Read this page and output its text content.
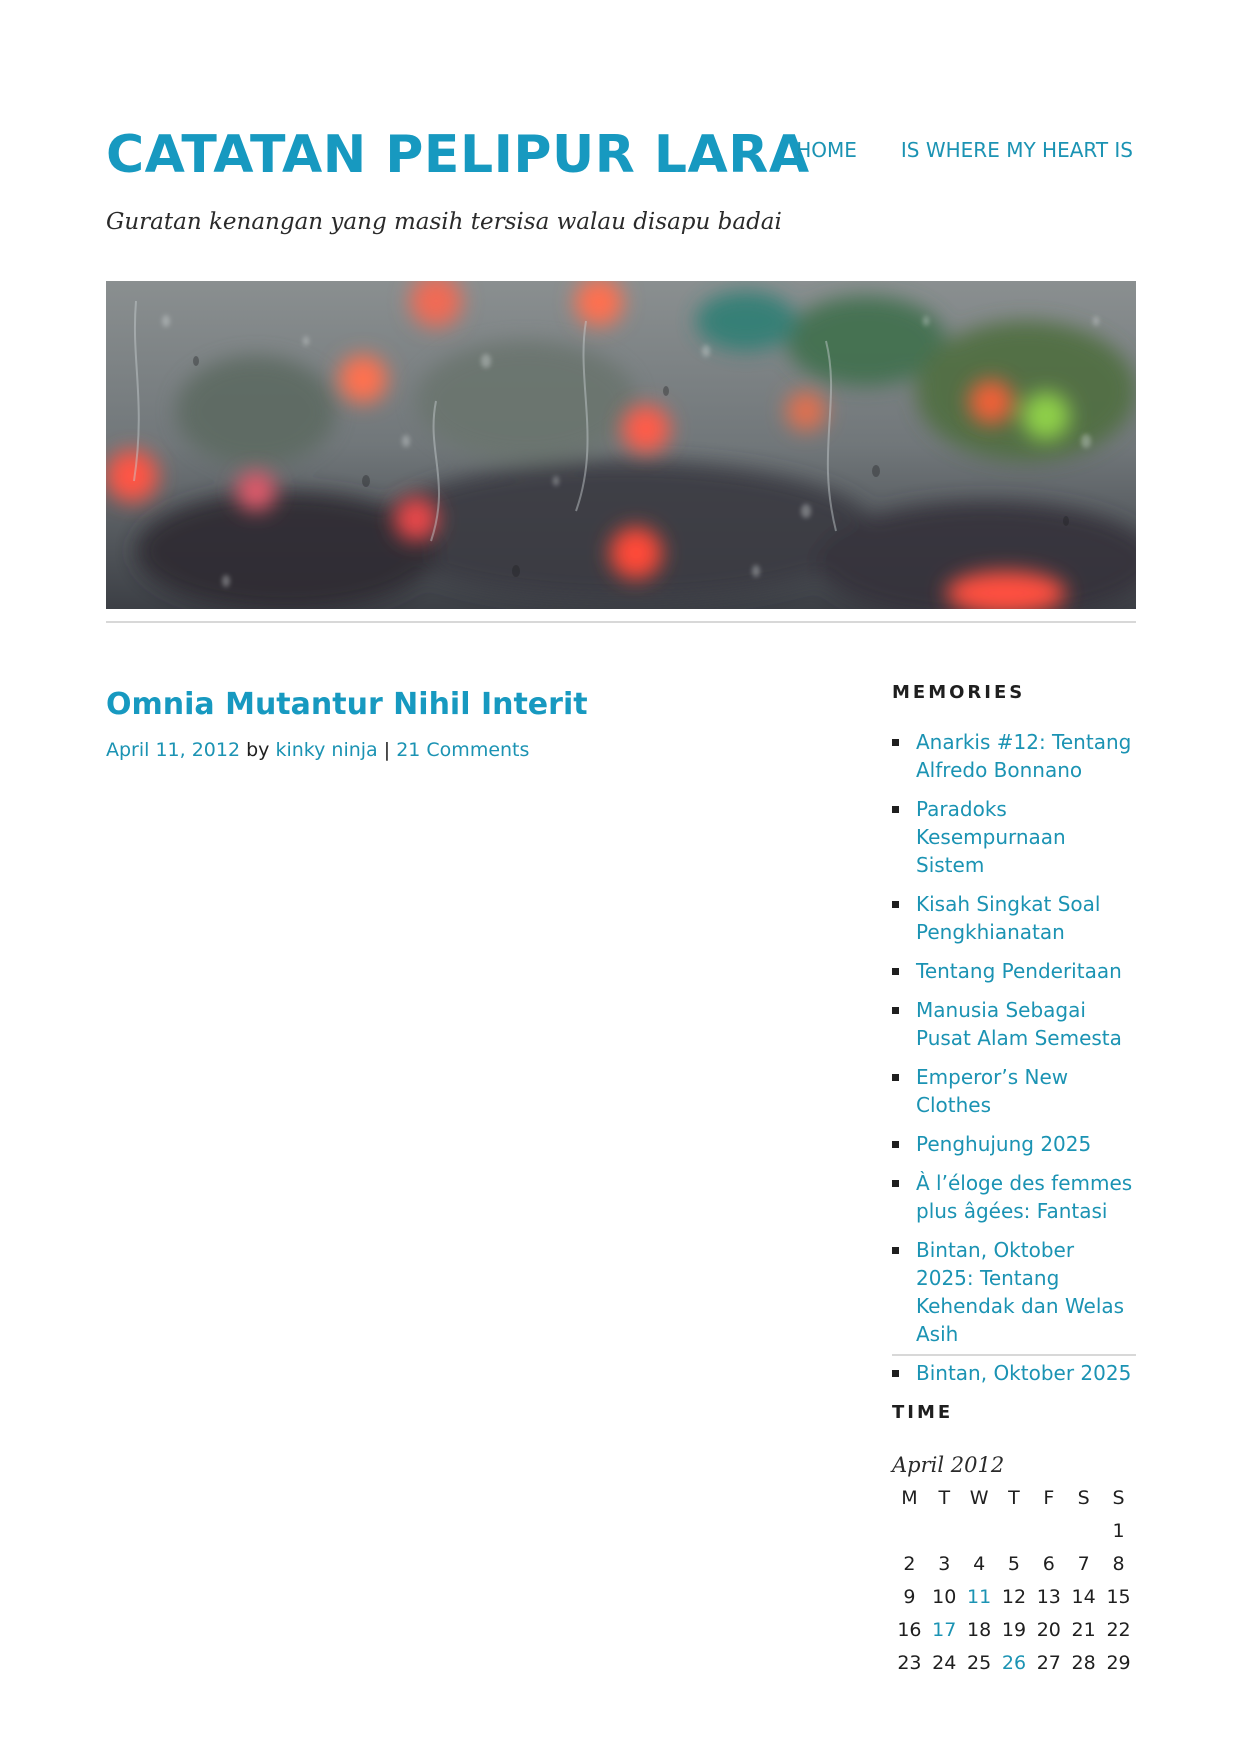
CATATAN PELIPUR LARA
HOME IS WHERE MY HEART IS

Guratan kenangan yang masih tersisa walau disapu badai

Omnia Mutantur Nihil Interit
April 11, 2012 by kinky ninja | 21 Comments
MEMORIES
Anarkis #12: Tentang Alfredo Bonnano
Paradoks Kesempurnaan Sistem
Kisah Singkat Soal Pengkhianatan
Tentang Penderitaan
Manusia Sebagai Pusat Alam Semesta
Emperor’s New Clothes
Penghujung 2025
À l’éloge des femmes plus âgées: Fantasi
Bintan, Oktober 2025: Tentang Kehendak dan Welas Asih
Bintan, Oktober 2025
TIME
April 2012
M	T	W	T	F	S	S
						1
2	3	4	5	6	7	8
9	10	11	12	13	14	15
16	17	18	19	20	21	22
23	24	25	26	27	28	29
